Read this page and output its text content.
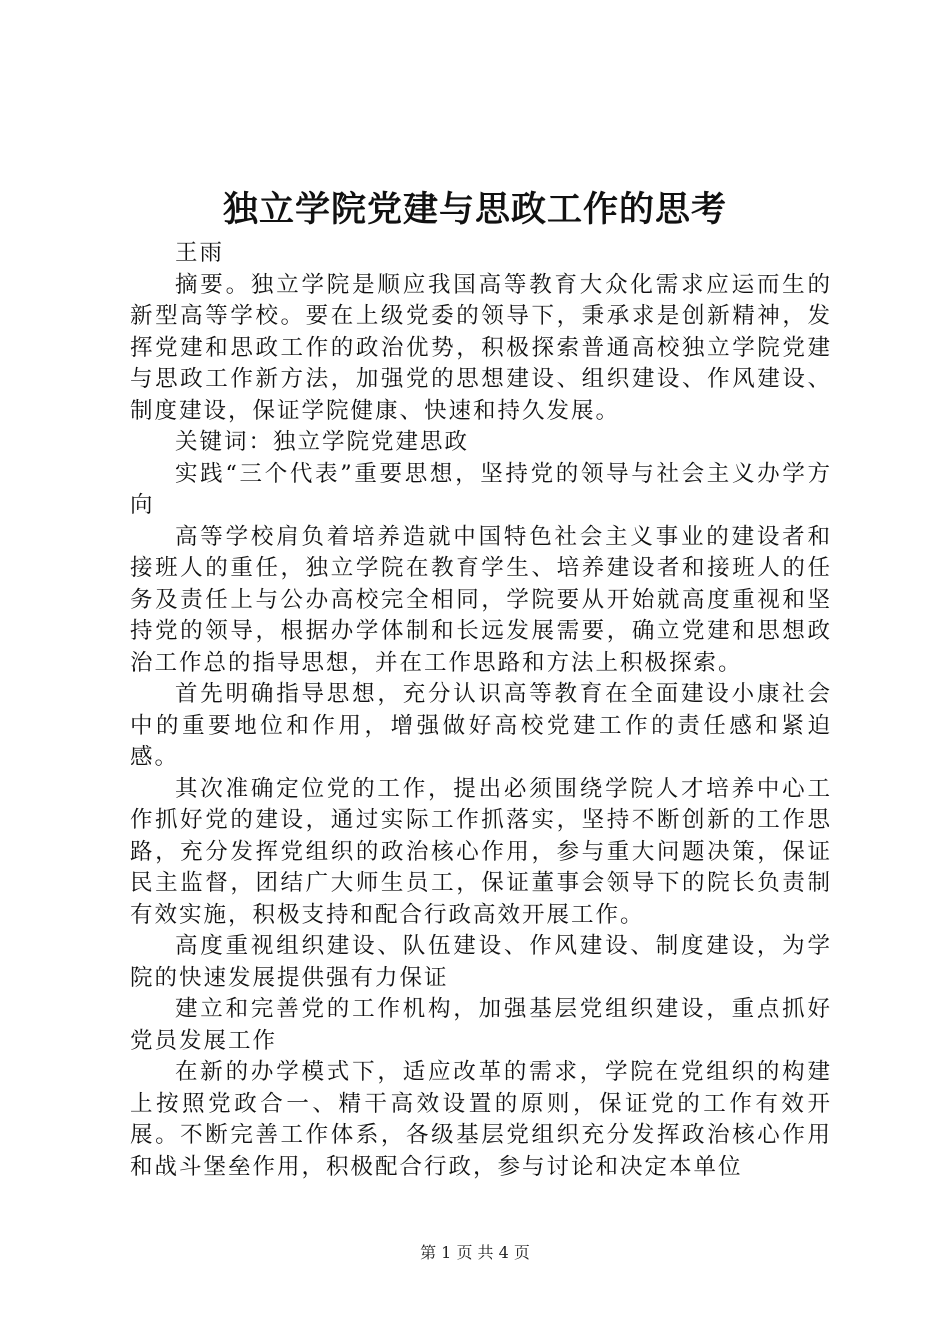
独立学院党建与思政工作的思考

王雨

摘要。独立学院是顺应我国高等教育大众化需求应运而生的新型高等学校。要在上级党委的领导下，秉承求是创新精神，发挥党建和思政工作的政治优势，积极探索普通高校独立学院党建与思政工作新方法，加强党的思想建设、组织建设、作风建设、制度建设，保证学院健康、快速和持久发展。

关键词：独立学院党建思政

实践“三个代表”重要思想，坚持党的领导与社会主义办学方向

高等学校肩负着培养造就中国特色社会主义事业的建设者和接班人的重任，独立学院在教育学生、培养建设者和接班人的任务及责任上与公办高校完全相同，学院要从开始就高度重视和坚持党的领导，根据办学体制和长远发展需要，确立党建和思想政治工作总的指导思想，并在工作思路和方法上积极探索。

首先明确指导思想，充分认识高等教育在全面建设小康社会中的重要地位和作用，增强做好高校党建工作的责任感和紧迫感。

其次准确定位党的工作，提出必须围绕学院人才培养中心工作抓好党的建设，通过实际工作抓落实，坚持不断创新的工作思路，充分发挥党组织的政治核心作用，参与重大问题决策，保证民主监督，团结广大师生员工，保证董事会领导下的院长负责制有效实施，积极支持和配合行政高效开展工作。

高度重视组织建设、队伍建设、作风建设、制度建设，为学院的快速发展提供强有力保证

建立和完善党的工作机构，加强基层党组织建设，重点抓好党员发展工作

在新的办学模式下，适应改革的需求，学院在党组织的构建上按照党政合一、精干高效设置的原则，保证党的工作有效开展。不断完善工作体系，各级基层党组织充分发挥政治核心作用和战斗堡垒作用，积极配合行政，参与讨论和决定本单位

第 1 页 共 4 页
